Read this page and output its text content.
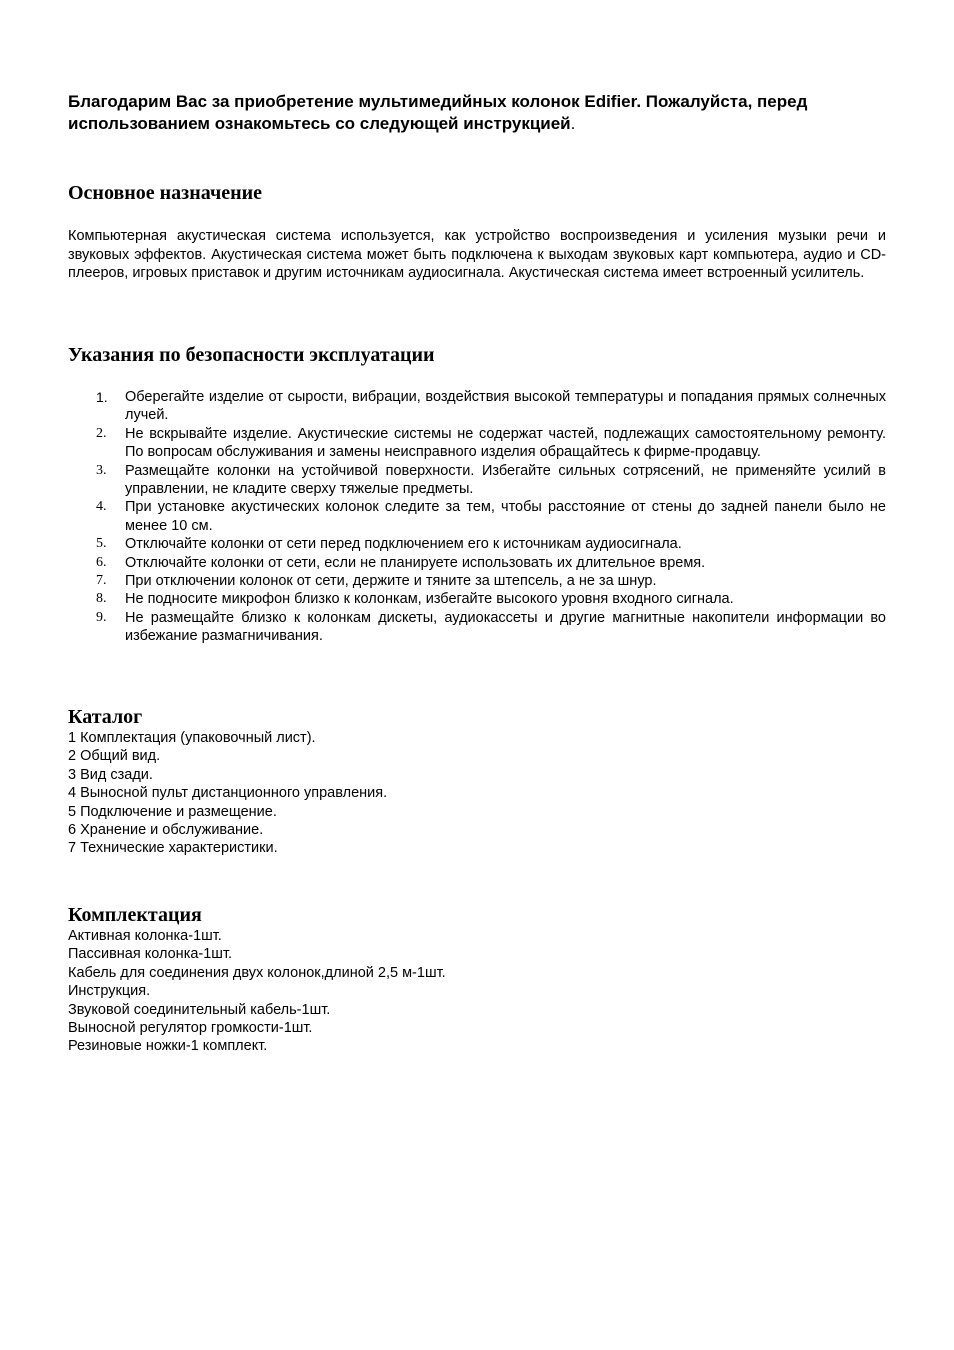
Благодарим Вас за приобретение мультимедийных колонок Edifier. Пожалуйста, перед использованием ознакомьтесь со следующей инструкцией.

Основное назначение

Компьютерная акустическая система используется, как устройство воспроизведения и усиления музыки речи и звуковых эффектов. Акустическая система может быть подключена к выходам звуковых карт компьютера, аудио и CD-плееров, игровых приставок и другим источникам аудиосигнала. Акустическая система имеет встроенный усилитель.

Указания по безопасности эксплуатации
1.	Оберегайте изделие от сырости, вибрации, воздействия высокой температуры и попадания прямых солнечных лучей.
2.	Не вскрывайте изделие. Акустические системы не содержат частей, подлежащих самостоятельному ремонту. По вопросам обслуживания и замены неисправного изделия обращайтесь к фирме-продавцу.
3.	Размещайте колонки на устойчивой поверхности. Избегайте сильных сотрясений, не применяйте усилий в управлении, не кладите сверху тяжелые предметы.
4.	При установке акустических колонок следите за тем, чтобы расстояние от стены до задней панели было не менее 10 см.
5.	Отключайте колонки от сети перед подключением его к источникам аудиосигнала.
6.	Отключайте колонки от сети, если не планируете использовать их длительное время.
7.	При отключении колонок от сети, держите и тяните за штепсель, а не за шнур.
8.	Не подносите микрофон близко к колонкам, избегайте высокого уровня входного сигнала.
9.	Не размещайте близко к колонкам дискеты, аудиокассеты и другие магнитные накопители информации во избежание размагничивания.
Каталог
1 Комплектация (упаковочный лист).
2 Общий вид.
3 Вид сзади.
4 Выносной пульт дистанционного управления.
5 Подключение и размещение.
6 Хранение и обслуживание.
7 Технические характеристики.
Комплектация
Активная колонка-1шт.
Пассивная колонка-1шт.
Кабель для соединения двух колонок,длиной 2,5 м-1шт.
Инструкция.
Звуковой соединительный кабель-1шт.
Выносной регулятор громкости-1шт.
Резиновые ножки-1 комплект.
